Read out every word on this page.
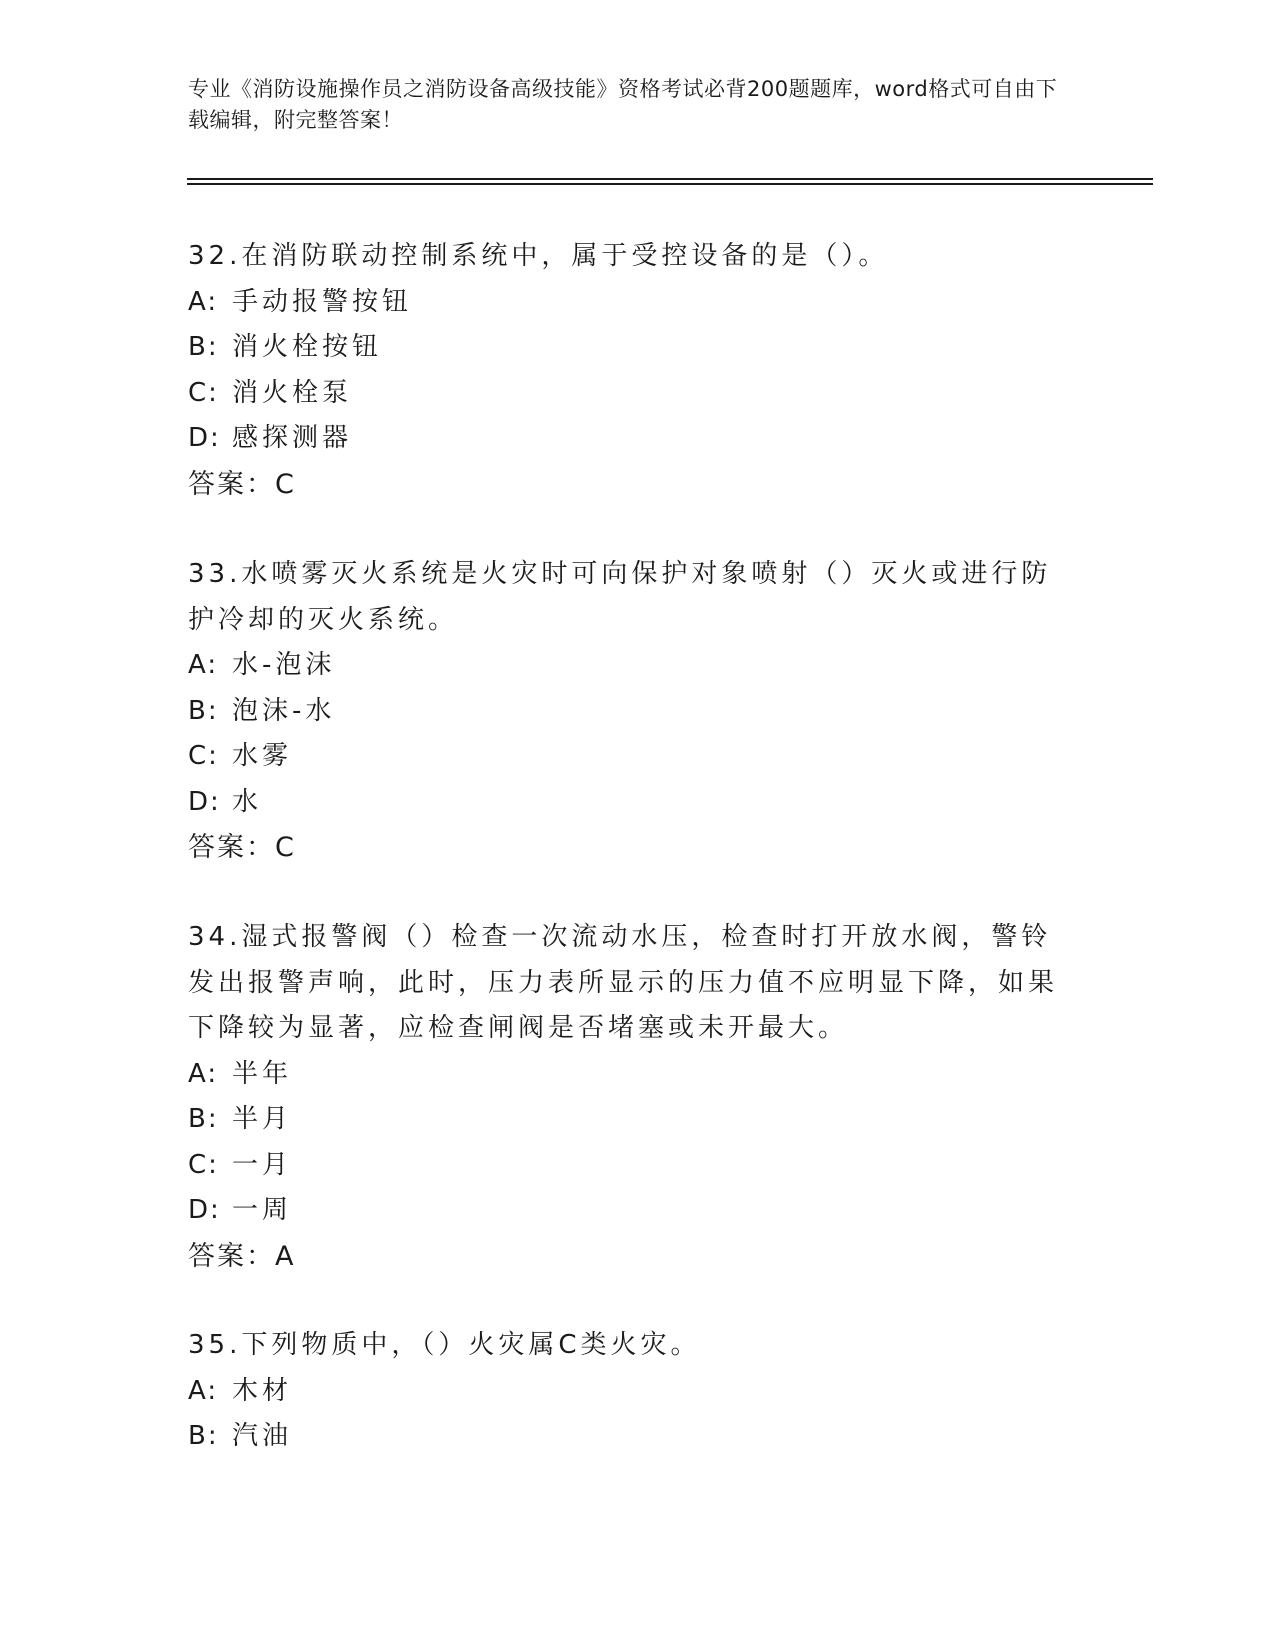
专业《消防设施操作员之消防设备高级技能》资格考试必背200题题库，word格式可自由下载编辑，附完整答案！
32.在消防联动控制系统中，属于受控设备的是（）。
A: 手动报警按钮
B: 消火栓按钮
C: 消火栓泵
D: 感探测器
答案：C
33.水喷雾灭火系统是火灾时可向保护对象喷射（）灭火或进行防护冷却的灭火系统。
A: 水-泡沫
B: 泡沫-水
C: 水雾
D: 水
答案：C
34.湿式报警阀（）检查一次流动水压，检查时打开放水阀，警铃发出报警声响，此时，压力表所显示的压力值不应明显下降，如果下降较为显著，应检查闸阀是否堵塞或未开最大。
A: 半年
B: 半月
C: 一月
D: 一周
答案：A
35.下列物质中，（）火灾属C类火灾。
A: 木材
B: 汽油
